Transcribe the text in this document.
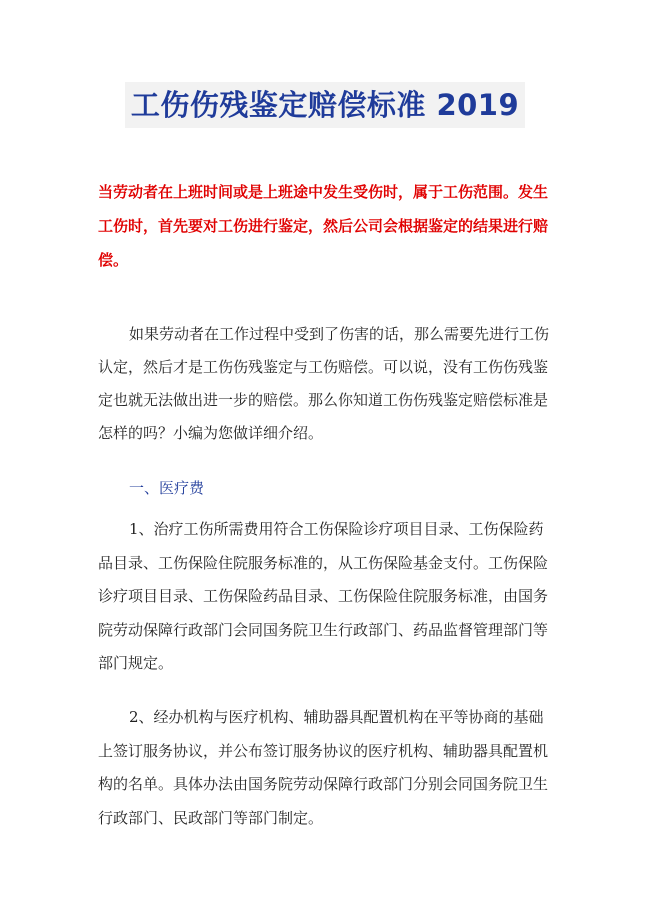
工伤伤残鉴定赔偿标准 2019
当劳动者在上班时间或是上班途中发生受伤时，属于工伤范围。发生工伤时，首先要对工伤进行鉴定，然后公司会根据鉴定的结果进行赔偿。
如果劳动者在工作过程中受到了伤害的话，那么需要先进行工伤认定，然后才是工伤伤残鉴定与工伤赔偿。可以说，没有工伤伤残鉴定也就无法做出进一步的赔偿。那么你知道工伤伤残鉴定赔偿标准是怎样的吗？小编为您做详细介绍。
一、医疗费
1、治疗工伤所需费用符合工伤保险诊疗项目目录、工伤保险药品目录、工伤保险住院服务标准的，从工伤保险基金支付。工伤保险诊疗项目目录、工伤保险药品目录、工伤保险住院服务标准，由国务院劳动保障行政部门会同国务院卫生行政部门、药品监督管理部门等部门规定。
2、经办机构与医疗机构、辅助器具配置机构在平等协商的基础上签订服务协议，并公布签订服务协议的医疗机构、辅助器具配置机构的名单。具体办法由国务院劳动保障行政部门分别会同国务院卫生行政部门、民政部门等部门制定。
